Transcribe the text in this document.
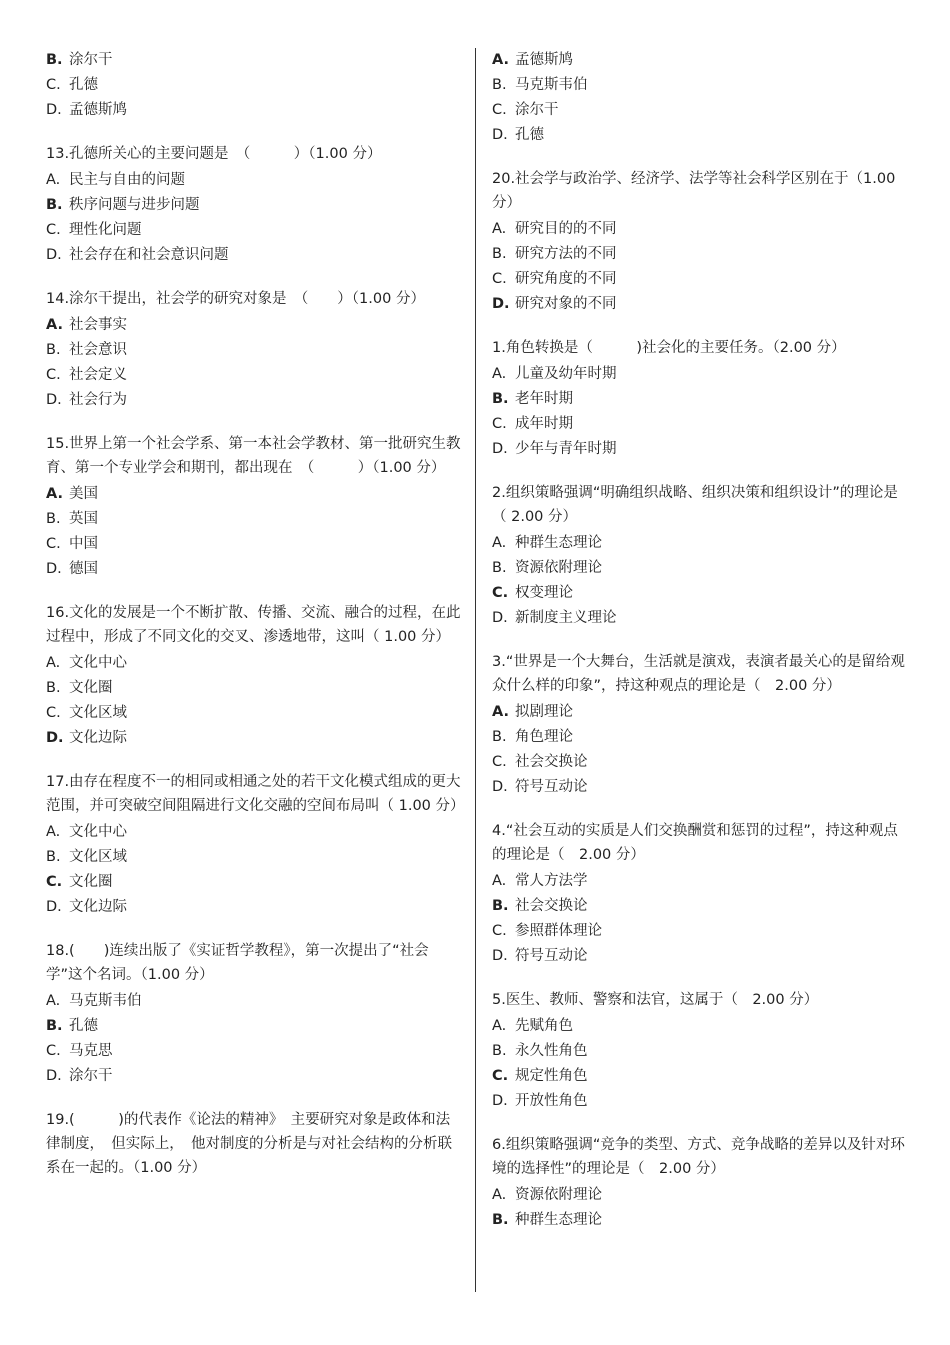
B. 涂尔干
C. 孔德
D. 孟德斯鸠
13.孔德所关心的主要问题是　（　　　）（1.00 分）
A. 民主与自由的问题
B. 秩序问题与进步问题
C. 理性化问题
D. 社会存在和社会意识问题
14.涂尔干提出，社会学的研究对象是　（　　）（1.00 分）
A. 社会事实
B. 社会意识
C. 社会定义
D. 社会行为
15.世界上第一个社会学系、第一本社会学教材、第一批研究生教育、第一个专业学会和期刊，都出现在　（　　　）（1.00 分）
A. 美国
B. 英国
C. 中国
D. 德国
16.文化的发展是一个不断扩散、传播、交流、融合的过程，在此过程中，形成了不同文化的交叉、渗透地带，这叫（ 1.00 分）
A. 文化中心
B. 文化圈
C. 文化区域
D. 文化边际
17.由存在程度不一的相同或相通之处的若干文化模式组成的更大范围，并可突破空间阻隔进行文化交融的空间布局叫（ 1.00 分）
A. 文化中心
B. 文化区域
C. 文化圈
D. 文化边际
18.(　　)连续出版了《实证哲学教程》，第一次提出了“社会学”这个名词。（1.00 分）
A. 马克斯韦伯
B. 孔德
C. 马克思
D. 涂尔干
19.(　　　)的代表作《论法的精神》　主要研究对象是政体和法律制度，　但实际上，　他对制度的分析是与对社会结构的分析联系在一起的。（1.00 分）
A. 孟德斯鸠
B. 马克斯韦伯
C. 涂尔干
D. 孔德
20.社会学与政治学、经济学、法学等社会科学区别在于（1.00 分）
A. 研究目的的不同
B. 研究方法的不同
C. 研究角度的不同
D. 研究对象的不同
1.角色转换是（　　　)社会化的主要任务。（2.00 分）
A. 儿童及幼年时期
B. 老年时期
C. 成年时期
D. 少年与青年时期
2.组织策略强调“明确组织战略、组织决策和组织设计”的理论是（ 2.00 分）
A. 种群生态理论
B. 资源依附理论
C. 权变理论
D. 新制度主义理论
3.“世界是一个大舞台，生活就是演戏，表演者最关心的是留给观众什么样的印象”，持这种观点的理论是（　2.00 分）
A. 拟剧理论
B. 角色理论
C. 社会交换论
D. 符号互动论
4.“社会互动的实质是人们交换酬赏和惩罚的过程”，持这种观点的理论是（　2.00 分）
A. 常人方法学
B. 社会交换论
C. 参照群体理论
D. 符号互动论
5.医生、教师、警察和法官，这属于（　2.00 分）
A. 先赋角色
B. 永久性角色
C. 规定性角色
D. 开放性角色
6.组织策略强调“竞争的类型、方式、竞争战略的差异以及针对环境的选择性”的理论是（　2.00 分）
A. 资源依附理论
B. 种群生态理论
